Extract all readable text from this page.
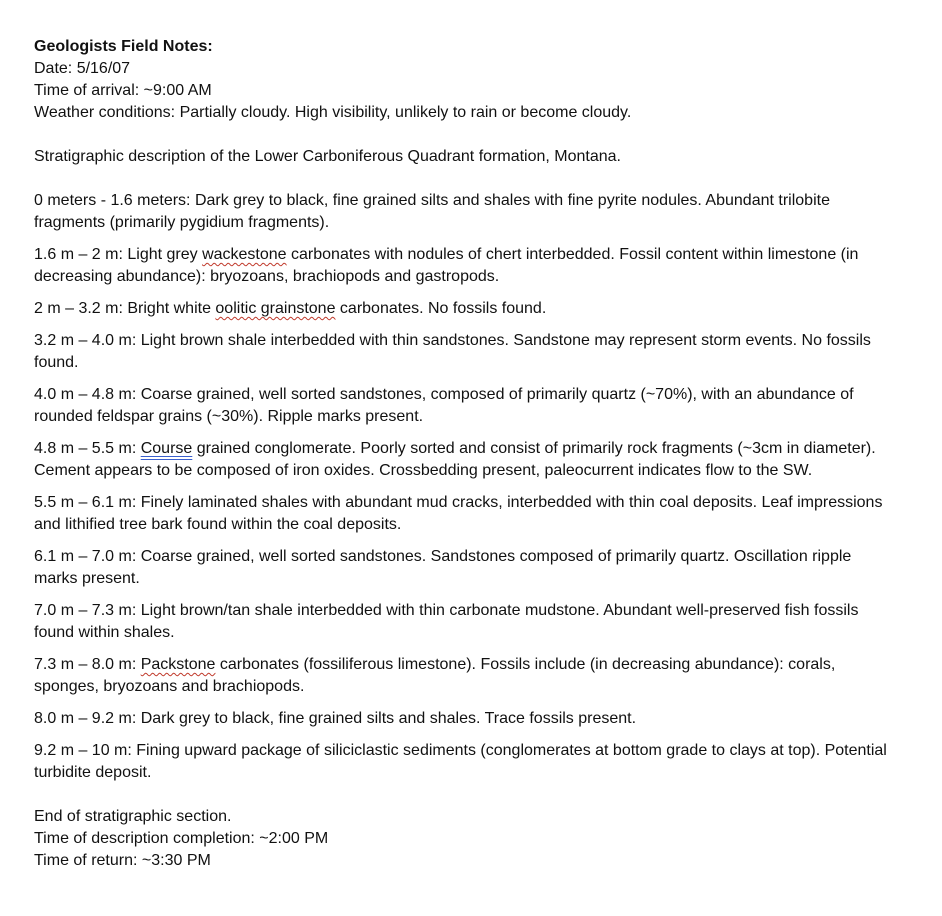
Geologists Field Notes:
Date: 5/16/07
Time of arrival: ~9:00 AM
Weather conditions: Partially cloudy. High visibility, unlikely to rain or become cloudy.
Stratigraphic description of the Lower Carboniferous Quadrant formation, Montana.
0 meters - 1.6 meters: Dark grey to black, fine grained silts and shales with fine pyrite nodules. Abundant trilobite fragments (primarily pygidium fragments).
1.6 m – 2 m: Light grey wackestone carbonates with nodules of chert interbedded. Fossil content within limestone (in decreasing abundance): bryozoans, brachiopods and gastropods.
2 m – 3.2 m: Bright white oolitic grainstone carbonates. No fossils found.
3.2 m – 4.0 m: Light brown shale interbedded with thin sandstones. Sandstone may represent storm events. No fossils found.
4.0 m – 4.8 m: Coarse grained, well sorted sandstones, composed of primarily quartz (~70%), with an abundance of rounded feldspar grains (~30%). Ripple marks present.
4.8 m – 5.5 m: Course grained conglomerate. Poorly sorted and consist of primarily rock fragments (~3cm in diameter). Cement appears to be composed of iron oxides. Crossbedding present, paleocurrent indicates flow to the SW.
5.5 m – 6.1 m: Finely laminated shales with abundant mud cracks, interbedded with thin coal deposits. Leaf impressions and lithified tree bark found within the coal deposits.
6.1 m – 7.0 m: Coarse grained, well sorted sandstones. Sandstones composed of primarily quartz. Oscillation ripple marks present.
7.0 m – 7.3 m: Light brown/tan shale interbedded with thin carbonate mudstone. Abundant well-preserved fish fossils found within shales.
7.3 m – 8.0 m: Packstone carbonates (fossiliferous limestone). Fossils include (in decreasing abundance): corals, sponges, bryozoans and brachiopods.
8.0 m – 9.2 m: Dark grey to black, fine grained silts and shales. Trace fossils present.
9.2 m – 10 m: Fining upward package of siliciclastic sediments (conglomerates at bottom grade to clays at top). Potential turbidite deposit.
End of stratigraphic section.
Time of description completion: ~2:00 PM
Time of return: ~3:30 PM
